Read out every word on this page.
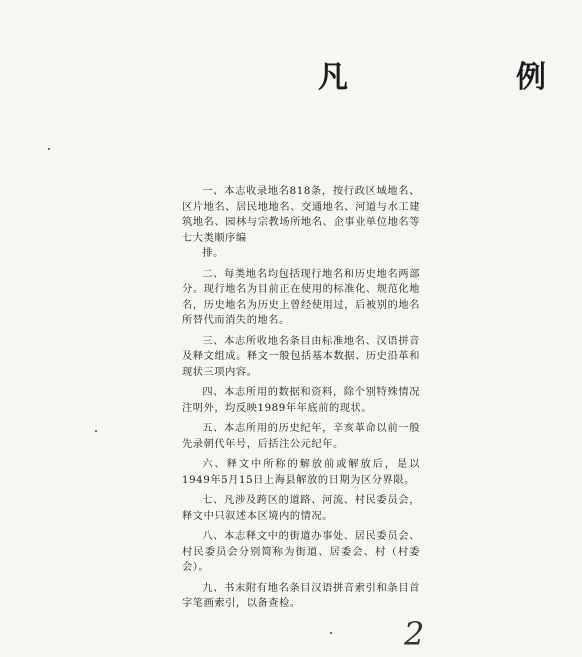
凡　　例

一、本志收录地名818条，按行政区域地名、区片地名、居民地地名、交通地名、河道与水工建筑地名、园林与宗教场所地名、企事业单位地名等七大类顺序编

排。

二、每类地名均包括现行地名和历史地名两部分。现行地名为目前正在使用的标准化、规范化地名，历史地名为历史上曾经使用过，后被别的地名所替代而消失的地名。

三、本志所收地名条目由标准地名、汉语拼音及释文组成。释文一般包括基本数据、历史沿革和现状三项内容。

四、本志所用的数据和资料，除个别特殊情况注明外，均反映1989年年底前的现状。

五、本志所用的历史纪年，辛亥革命以前一般先录朝代年号，后括注公元纪年。

六、释文中所称的解放前或解放后，是以1949年5月15日上海县解放的日期为区分界限。

七、凡涉及跨区的道路、河流、村民委员会，释文中只叙述本区境内的情况。

八、本志释文中的街道办事处、居民委员会、村民委员会分别简称为街道、居委会、村（村委会）。

九、书末附有地名条目汉语拼音索引和条目首字笔画索引，以备查检。

2
